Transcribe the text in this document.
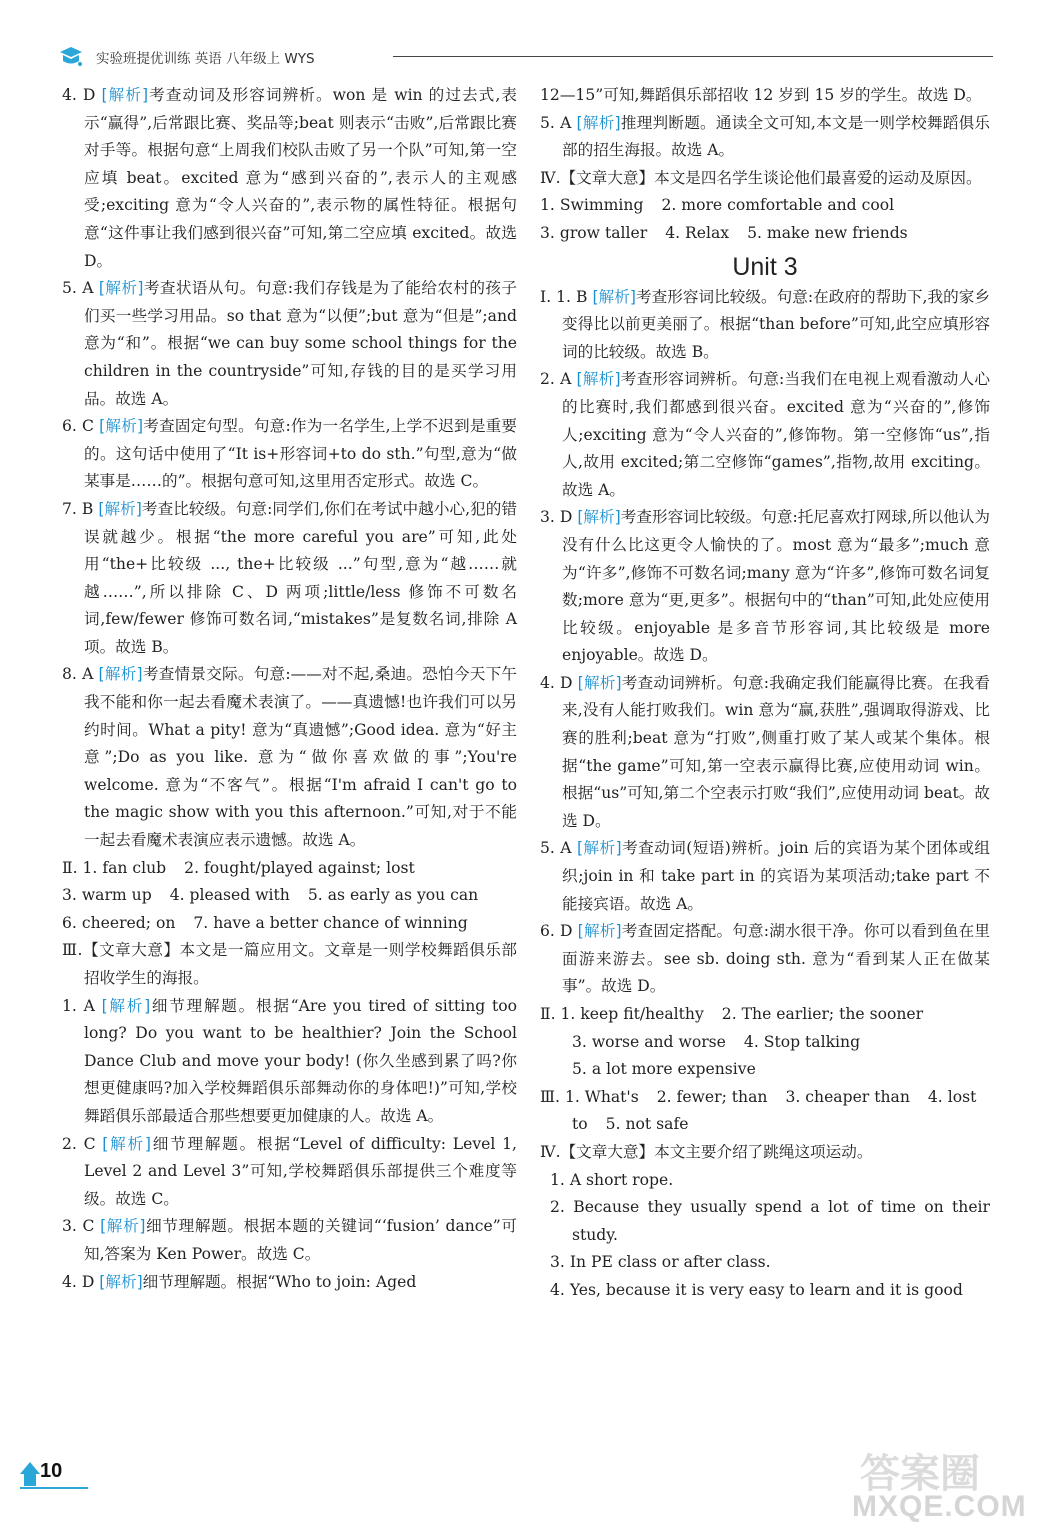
实验班提优训练 英语 八年级上 WYS

4. D [解析]考查动词及形容词辨析。won 是 win 的过去式,表示“赢得”,后常跟比赛、奖品等;beat 则表示“击败”,后常跟比赛对手等。根据句意“上周我们校队击败了另一个队”可知,第一空应填 beat。excited 意为“感到兴奋的”,表示人的主观感受;exciting 意为“令人兴奋的”,表示物的属性特征。根据句意“这件事让我们感到很兴奋”可知,第二空应填 excited。故选 D。

5. A [解析]考查状语从句。句意:我们存钱是为了能给农村的孩子们买一些学习用品。so that 意为“以便”;but 意为“但是”;and 意为“和”。根据“we can buy some school things for the children in the countryside”可知,存钱的目的是买学习用品。故选 A。

6. C [解析]考查固定句型。句意:作为一名学生,上学不迟到是重要的。这句话中使用了“It is+形容词+to do sth.”句型,意为“做某事是……的”。根据句意可知,这里用否定形式。故选 C。

7. B [解析]考查比较级。句意:同学们,你们在考试中越小心,犯的错误就越少。根据“the more careful you are”可知,此处用“the+比较级 ..., the+比较级 ...”句型,意为“越……就越……”,所以排除 C、D 两项;little/less 修饰不可数名词,few/fewer 修饰可数名词,“mistakes”是复数名词,排除 A 项。故选 B。

8. A [解析]考查情景交际。句意:——对不起,桑迪。恐怕今天下午我不能和你一起去看魔术表演了。——真遗憾!也许我们可以另约时间。What a pity! 意为“真遗憾”;Good idea. 意为“好主意”;Do as you like. 意为“做你喜欢做的事”;You're welcome. 意为“不客气”。根据“I'm afraid I can't go to the magic show with you this afternoon.”可知,对于不能一起去看魔术表演应表示遗憾。故选 A。

Ⅱ. 1. fan club 2. fought/played against; lost
3. warm up 4. pleased with 5. as early as you can
6. cheered; on 7. have a better chance of winning

Ⅲ.【文章大意】本文是一篇应用文。文章是一则学校舞蹈俱乐部招收学生的海报。

1. A [解析]细节理解题。根据“Are you tired of sitting too long? Do you want to be healthier? Join the School Dance Club and move your body! (你久坐感到累了吗?你想更健康吗?加入学校舞蹈俱乐部舞动你的身体吧!)”可知,学校舞蹈俱乐部最适合那些想要更加健康的人。故选 A。

2. C [解析]细节理解题。根据“Level of difficulty: Level 1, Level 2 and Level 3”可知,学校舞蹈俱乐部提供三个难度等级。故选 C。

3. C [解析]细节理解题。根据本题的关键词“‘fusion’ dance”可知,答案为 Ken Power。故选 C。

4. D [解析]细节理解题。根据“Who to join: Aged

12—15”可知,舞蹈俱乐部招收 12 岁到 15 岁的学生。故选 D。

5. A [解析]推理判断题。通读全文可知,本文是一则学校舞蹈俱乐部的招生海报。故选 A。

Ⅳ.【文章大意】本文是四名学生谈论他们最喜爱的运动及原因。

1. Swimming 2. more comfortable and cool
3. grow taller 4. Relax 5. make new friends
Unit 3

Ⅰ. 1. B [解析]考查形容词比较级。句意:在政府的帮助下,我的家乡变得比以前更美丽了。根据“than before”可知,此空应填形容词的比较级。故选 B。

2. A [解析]考查形容词辨析。句意:当我们在电视上观看激动人心的比赛时,我们都感到很兴奋。excited 意为“兴奋的”,修饰人;exciting 意为“令人兴奋的”,修饰物。第一空修饰“us”,指人,故用 excited;第二空修饰“games”,指物,故用 exciting。故选 A。

3. D [解析]考查形容词比较级。句意:托尼喜欢打网球,所以他认为没有什么比这更令人愉快的了。most 意为“最多”;much 意为“许多”,修饰不可数名词;many 意为“许多”,修饰可数名词复数;more 意为“更,更多”。根据句中的“than”可知,此处应使用比较级。enjoyable 是多音节形容词,其比较级是 more enjoyable。故选 D。

4. D [解析]考查动词辨析。句意:我确定我们能赢得比赛。在我看来,没有人能打败我们。win 意为“赢,获胜”,强调取得游戏、比赛的胜利;beat 意为“打败”,侧重打败了某人或某个集体。根据“the game”可知,第一空表示赢得比赛,应使用动词 win。根据“us”可知,第二个空表示打败“我们”,应使用动词 beat。故选 D。

5. A [解析]考查动词(短语)辨析。join 后的宾语为某个团体或组织;join in 和 take part in 的宾语为某项活动;take part 不能接宾语。故选 A。

6. D [解析]考查固定搭配。句意:湖水很干净。你可以看到鱼在里面游来游去。see sb. doing sth. 意为“看到某人正在做某事”。故选 D。

Ⅱ. 1. keep fit/healthy 2. The earlier; the sooner
3. worse and worse 4. Stop talking
5. a lot more expensive
Ⅲ. 1. What's 2. fewer; than 3. cheaper than 4. lost
to 5. not safe

Ⅳ.【文章大意】本文主要介绍了跳绳这项运动。

1. A short rope.

2. Because they usually spend a lot of time on their study.

3. In PE class or after class.

4. Yes, because it is very easy to learn and it is good

10	答案圈
MXQE.COM
